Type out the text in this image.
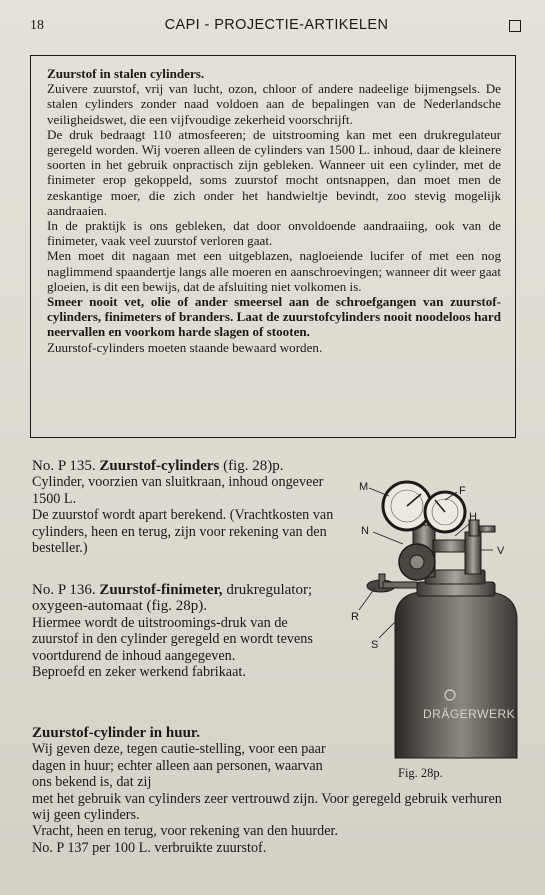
18	CAPI - PROJECTIE-ARTIKELEN

Zuurstof in stalen cylinders.

Zuivere zuurstof, vrij van lucht, ozon, chloor of andere nadeelige bijmengsels. De stalen cylinders zonder naad voldoen aan de bepalingen van de Nederlandsche veiligheidswet, die een vijfvoudige zekerheid voorschrijft.

De druk bedraagt 110 atmosfeeren; de uitstrooming kan met een drukregulateur geregeld worden. Wij voeren alleen de cylinders van 1500 L. inhoud, daar de kleinere soorten in het gebruik onpractisch zijn gebleken. Wanneer uit een cylinder, met de finimeter erop gekoppeld, soms zuurstof mocht ontsnappen, dan moet men de zeskantige moer, die zich onder het handwieltje bevindt, zoo stevig mogelijk aandraaien.

In de praktijk is ons gebleken, dat door onvoldoende aandraaiing, ook van de finimeter, vaak veel zuurstof verloren gaat.

Men moet dit nagaan met een uitgeblazen, nagloeiende lucifer of met een nog naglimmend spaandertje langs alle moeren en aanschroevingen; wanneer dit weer gaat gloeien, is dit een bewijs, dat de afsluiting niet volkomen is.

Smeer nooit vet, olie of ander smeersel aan de schroefgangen van zuurstof-cylinders, finimeters of branders. Laat de zuurstofcylinders nooit noodeloos hard neervallen en voorkom harde slagen of stooten.

Zuurstof-cylinders moeten staande bewaard worden.

No. P 135. Zuurstof-cylinders (fig. 28)p.

Cylinder, voorzien van sluitkraan, inhoud ongeveer 1500 L.

De zuurstof wordt apart berekend. (Vrachtkosten van cylinders, heen en terug, zijn voor rekening van den besteller.)

No. P 136. Zuurstof-finimeter, drukregulator; oxygeen-automaat (fig. 28p).

Hiermee wordt de uitstroomings-druk van de zuurstof in den cylinder geregeld en wordt tevens voortdurend de inhoud aangegeven.

Beproefd en zeker werkend fabrikaat.

Zuurstof-cylinder in huur.

Wij geven deze, tegen cautie-stelling, voor een paar dagen in huur; echter alleen aan personen, waarvan ons bekend is, dat zij

met het gebruik van cylinders zeer vertrouwd zijn. Voor geregeld gebruik verhuren wij geen cylinders.

Vracht, heen en terug, voor rekening van den huurder.

No. P 137 per 100 L. verbruikte zuurstof.

DRÄGERWERK
M	F
N
H
V
R
S
Fig. 28p.
